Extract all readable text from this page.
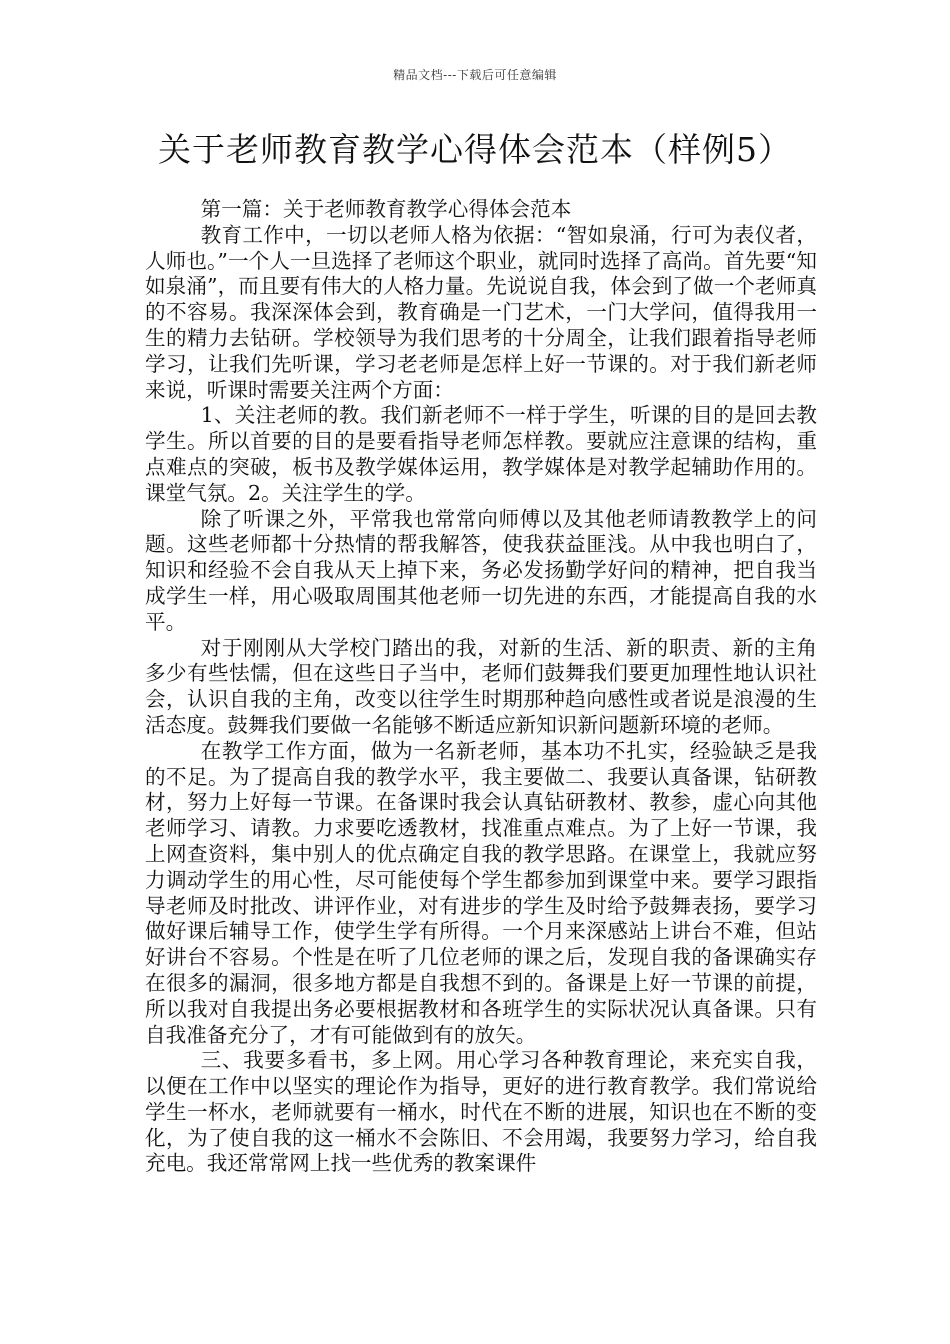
精品文档---下载后可任意编辑
关于老师教育教学心得体会范本（样例5）

第一篇：关于老师教育教学心得体会范本

教育工作中，一切以老师人格为依据：“智如泉涌，行可为表仪者，人师也。”一个人一旦选择了老师这个职业，就同时选择了高尚。首先要“知如泉涌”，而且要有伟大的人格力量。先说说自我，体会到了做一个老师真的不容易。我深深体会到，教育确是一门艺术，一门大学问，值得我用一生的精力去钻研。学校领导为我们思考的十分周全，让我们跟着指导老师学习，让我们先听课，学习老老师是怎样上好一节课的。对于我们新老师来说，听课时需要关注两个方面：

1、关注老师的教。我们新老师不一样于学生，听课的目的是回去教学生。所以首要的目的是要看指导老师怎样教。要就应注意课的结构，重点难点的突破，板书及教学媒体运用，教学媒体是对教学起辅助作用的。课堂气氛。2。关注学生的学。

除了听课之外，平常我也常常向师傅以及其他老师请教教学上的问题。这些老师都十分热情的帮我解答，使我获益匪浅。从中我也明白了，知识和经验不会自我从天上掉下来，务必发扬勤学好问的精神，把自我当成学生一样，用心吸取周围其他老师一切先进的东西，才能提高自我的水平。

对于刚刚从大学校门踏出的我，对新的生活、新的职责、新的主角多少有些怯懦，但在这些日子当中，老师们鼓舞我们要更加理性地认识社会，认识自我的主角，改变以往学生时期那种趋向感性或者说是浪漫的生活态度。鼓舞我们要做一名能够不断适应新知识新问题新环境的老师。

在教学工作方面，做为一名新老师，基本功不扎实，经验缺乏是我的不足。为了提高自我的教学水平，我主要做二、我要认真备课，钻研教材，努力上好每一节课。在备课时我会认真钻研教材、教参，虚心向其他老师学习、请教。力求要吃透教材，找准重点难点。为了上好一节课，我上网查资料，集中别人的优点确定自我的教学思路。在课堂上，我就应努力调动学生的用心性，尽可能使每个学生都参加到课堂中来。要学习跟指导老师及时批改、讲评作业，对有进步的学生及时给予鼓舞表扬，要学习做好课后辅导工作，使学生学有所得。一个月来深感站上讲台不难，但站好讲台不容易。个性是在听了几位老师的课之后，发现自我的备课确实存在很多的漏洞，很多地方都是自我想不到的。备课是上好一节课的前提，所以我对自我提出务必要根据教材和各班学生的实际状况认真备课。只有自我准备充分了，才有可能做到有的放矢。

三、我要多看书，多上网。用心学习各种教育理论，来充实自我，以便在工作中以坚实的理论作为指导，更好的进行教育教学。我们常说给学生一杯水，老师就要有一桶水，时代在不断的进展，知识也在不断的变化，为了使自我的这一桶水不会陈旧、不会用竭，我要努力学习，给自我充电。我还常常网上找一些优秀的教案课件
